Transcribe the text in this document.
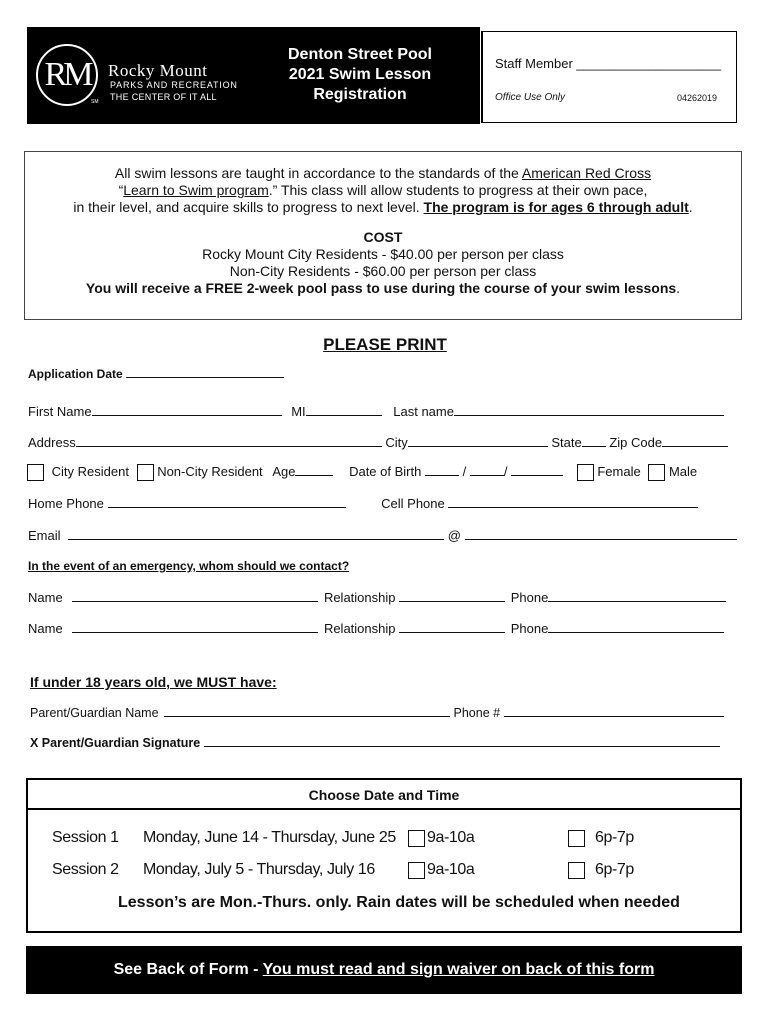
RM
SM
Rocky Mount
PARKS AND RECREATION
THE CENTER OF IT ALL
Denton Street Pool
2021 Swim Lesson
Registration
Staff Member ____________________
Office Use Only	04262019
All swim lessons are taught in accordance to the standards of the American Red Cross
“Learn to Swim program.” This class will allow students to progress at their own pace,
in their level, and acquire skills to progress to next level. The program is for ages 6 through adult.
COST
Rocky Mount City Residents - $40.00 per person per class
Non-City Residents - $60.00 per person per class
You will receive a FREE 2-week pool pass to use during the course of your swim lessons.
PLEASE PRINT
Application Date
First Name	MI	Last name
Address	City	State Zip Code
City Resident Non-City Resident Age	Date of Birth	/	/	Female Male
Home Phone	Cell Phone
Email	@
In the event of an emergency, whom should we contact?
Name	Relationship	Phone
Name	Relationship	Phone
If under 18 years old, we MUST have:
Parent/Guardian Name	Phone #
X Parent/Guardian Signature
Choose Date and Time
Session 1 Monday, June 14 - Thursday, June 25 9a-10a	6p-7p
Session 2 Monday, July 5 - Thursday, July 16	9a-10a	6p-7p
Lesson’s are Mon.-Thurs. only. Rain dates will be scheduled when needed
See Back of Form - You must read and sign waiver on back of this form
